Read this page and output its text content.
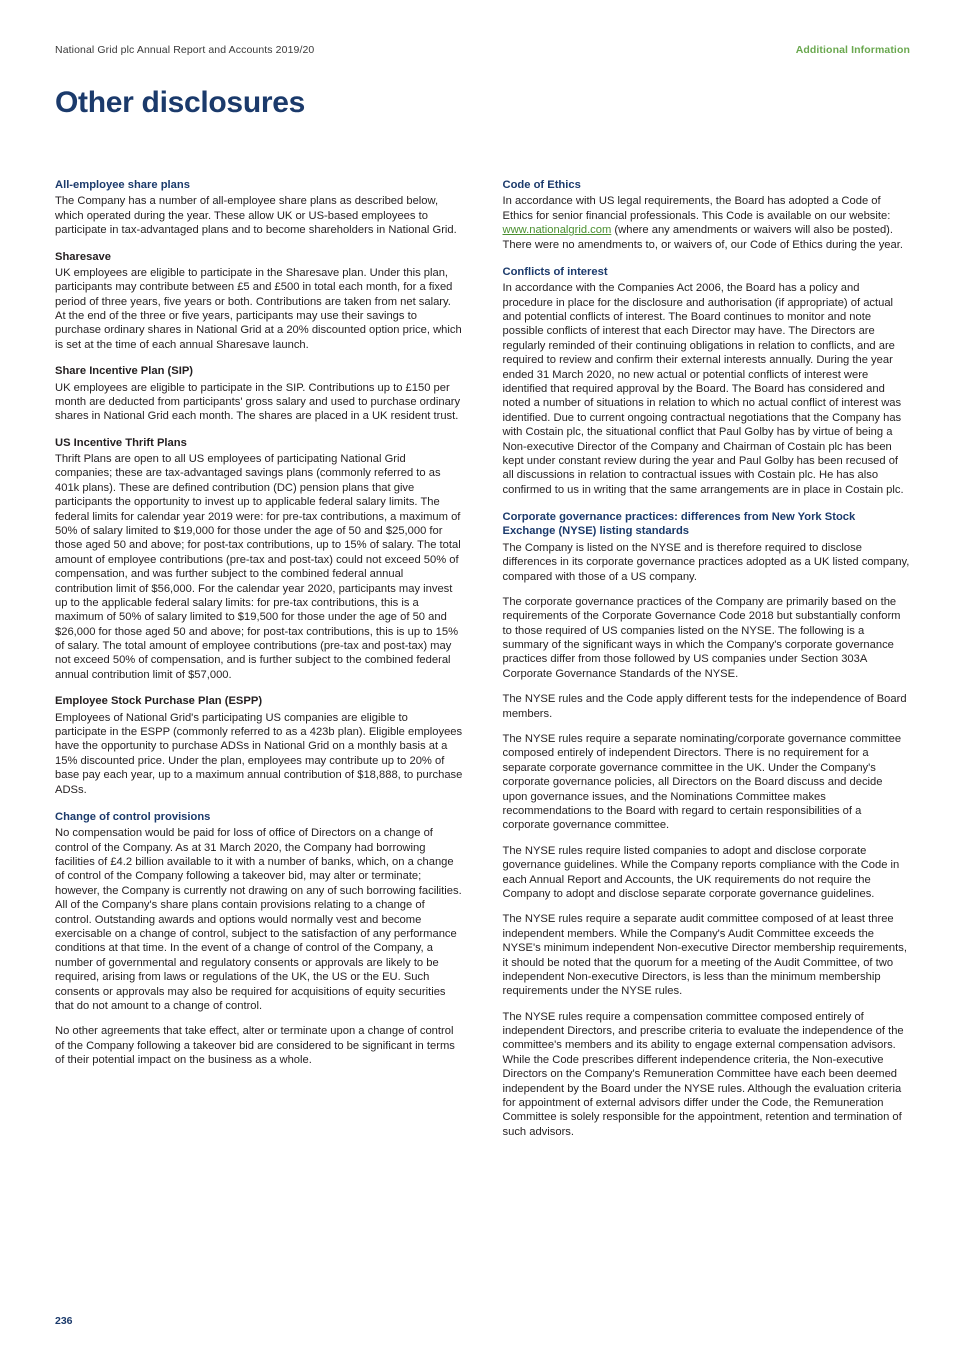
National Grid plc Annual Report and Accounts 2019/20	Additional Information
Other disclosures
All-employee share plans

The Company has a number of all-employee share plans as described below, which operated during the year. These allow UK or US-based employees to participate in tax-advantaged plans and to become shareholders in National Grid.

Sharesave

UK employees are eligible to participate in the Sharesave plan. Under this plan, participants may contribute between £5 and £500 in total each month, for a fixed period of three years, five years or both. Contributions are taken from net salary. At the end of the three or five years, participants may use their savings to purchase ordinary shares in National Grid at a 20% discounted option price, which is set at the time of each annual Sharesave launch.

Share Incentive Plan (SIP)

UK employees are eligible to participate in the SIP. Contributions up to £150 per month are deducted from participants' gross salary and used to purchase ordinary shares in National Grid each month. The shares are placed in a UK resident trust.

US Incentive Thrift Plans

Thrift Plans are open to all US employees of participating National Grid companies; these are tax-advantaged savings plans (commonly referred to as 401k plans). These are defined contribution (DC) pension plans that give participants the opportunity to invest up to applicable federal salary limits. The federal limits for calendar year 2019 were: for pre-tax contributions, a maximum of 50% of salary limited to $19,000 for those under the age of 50 and $25,000 for those aged 50 and above; for post-tax contributions, up to 15% of salary. The total amount of employee contributions (pre-tax and post-tax) could not exceed 50% of compensation, and was further subject to the combined federal annual contribution limit of $56,000. For the calendar year 2020, participants may invest up to the applicable federal salary limits: for pre-tax contributions, this is a maximum of 50% of salary limited to $19,500 for those under the age of 50 and $26,000 for those aged 50 and above; for post-tax contributions, this is up to 15% of salary. The total amount of employee contributions (pre-tax and post-tax) may not exceed 50% of compensation, and is further subject to the combined federal annual contribution limit of $57,000.

Employee Stock Purchase Plan (ESPP)

Employees of National Grid's participating US companies are eligible to participate in the ESPP (commonly referred to as a 423b plan). Eligible employees have the opportunity to purchase ADSs in National Grid on a monthly basis at a 15% discounted price. Under the plan, employees may contribute up to 20% of base pay each year, up to a maximum annual contribution of $18,888, to purchase ADSs.

Change of control provisions

No compensation would be paid for loss of office of Directors on a change of control of the Company. As at 31 March 2020, the Company had borrowing facilities of £4.2 billion available to it with a number of banks, which, on a change of control of the Company following a takeover bid, may alter or terminate; however, the Company is currently not drawing on any of such borrowing facilities. All of the Company's share plans contain provisions relating to a change of control. Outstanding awards and options would normally vest and become exercisable on a change of control, subject to the satisfaction of any performance conditions at that time. In the event of a change of control of the Company, a number of governmental and regulatory consents or approvals are likely to be required, arising from laws or regulations of the UK, the US or the EU. Such consents or approvals may also be required for acquisitions of equity securities that do not amount to a change of control.

No other agreements that take effect, alter or terminate upon a change of control of the Company following a takeover bid are considered to be significant in terms of their potential impact on the business as a whole.

Code of Ethics

In accordance with US legal requirements, the Board has adopted a Code of Ethics for senior financial professionals. This Code is available on our website: www.nationalgrid.com (where any amendments or waivers will also be posted). There were no amendments to, or waivers of, our Code of Ethics during the year.

Conflicts of interest

In accordance with the Companies Act 2006, the Board has a policy and procedure in place for the disclosure and authorisation (if appropriate) of actual and potential conflicts of interest. The Board continues to monitor and note possible conflicts of interest that each Director may have. The Directors are regularly reminded of their continuing obligations in relation to conflicts, and are required to review and confirm their external interests annually. During the year ended 31 March 2020, no new actual or potential conflicts of interest were identified that required approval by the Board. The Board has considered and noted a number of situations in relation to which no actual conflict of interest was identified. Due to current ongoing contractual negotiations that the Company has with Costain plc, the situational conflict that Paul Golby has by virtue of being a Non-executive Director of the Company and Chairman of Costain plc has been kept under constant review during the year and Paul Golby has been recused of all discussions in relation to contractual issues with Costain plc. He has also confirmed to us in writing that the same arrangements are in place in Costain plc.

Corporate governance practices: differences from New York Stock Exchange (NYSE) listing standards

The Company is listed on the NYSE and is therefore required to disclose differences in its corporate governance practices adopted as a UK listed company, compared with those of a US company.

The corporate governance practices of the Company are primarily based on the requirements of the Corporate Governance Code 2018 but substantially conform to those required of US companies listed on the NYSE. The following is a summary of the significant ways in which the Company's corporate governance practices differ from those followed by US companies under Section 303A Corporate Governance Standards of the NYSE.

The NYSE rules and the Code apply different tests for the independence of Board members.

The NYSE rules require a separate nominating/corporate governance committee composed entirely of independent Directors. There is no requirement for a separate corporate governance committee in the UK. Under the Company's corporate governance policies, all Directors on the Board discuss and decide upon governance issues, and the Nominations Committee makes recommendations to the Board with regard to certain responsibilities of a corporate governance committee.

The NYSE rules require listed companies to adopt and disclose corporate governance guidelines. While the Company reports compliance with the Code in each Annual Report and Accounts, the UK requirements do not require the Company to adopt and disclose separate corporate governance guidelines.

The NYSE rules require a separate audit committee composed of at least three independent members. While the Company's Audit Committee exceeds the NYSE's minimum independent Non-executive Director membership requirements, it should be noted that the quorum for a meeting of the Audit Committee, of two independent Non-executive Directors, is less than the minimum membership requirements under the NYSE rules.

The NYSE rules require a compensation committee composed entirely of independent Directors, and prescribe criteria to evaluate the independence of the committee's members and its ability to engage external compensation advisors. While the Code prescribes different independence criteria, the Non-executive Directors on the Company's Remuneration Committee have each been deemed independent by the Board under the NYSE rules. Although the evaluation criteria for appointment of external advisors differ under the Code, the Remuneration Committee is solely responsible for the appointment, retention and termination of such advisors.

236
